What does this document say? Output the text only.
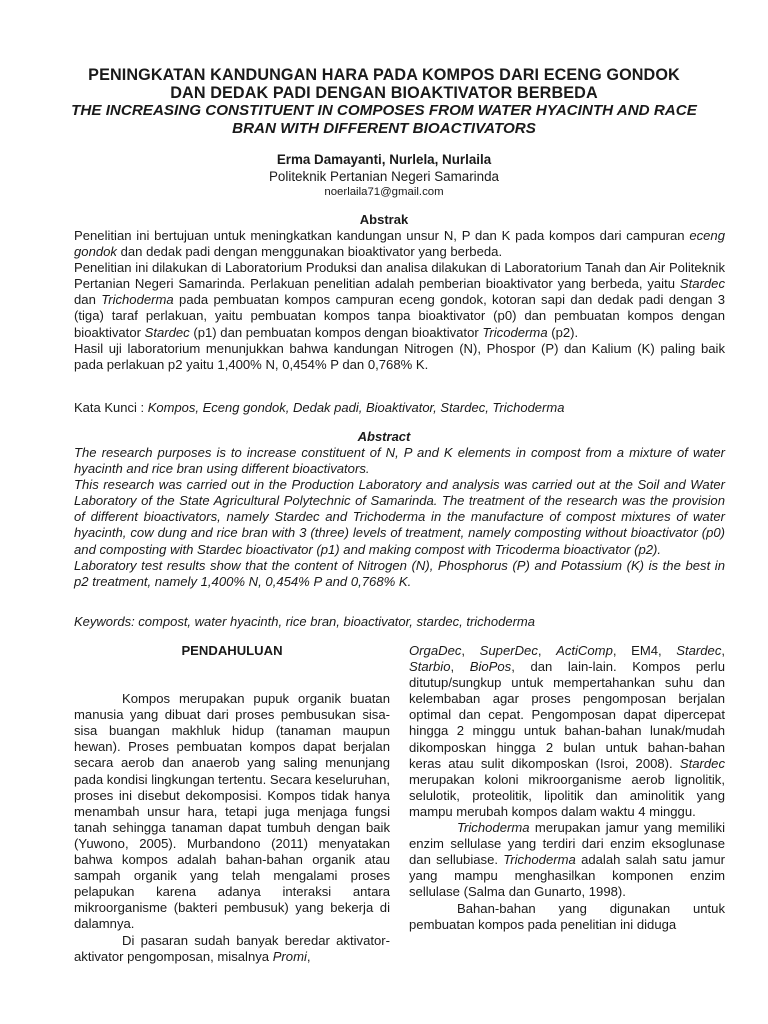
PENINGKATAN KANDUNGAN HARA PADA KOMPOS DARI ECENG GONDOK
DAN DEDAK PADI DENGAN BIOAKTIVATOR BERBEDA
THE INCREASING CONSTITUENT IN COMPOSES FROM WATER HYACINTH AND RACE
BRAN WITH DIFFERENT BIOACTIVATORS
Erma Damayanti, Nurlela, Nurlaila
Politeknik Pertanian Negeri Samarinda
noerlaila71@gmail.com
Abstrak

Penelitian ini bertujuan untuk meningkatkan kandungan unsur N, P dan K pada kompos dari campuran eceng gondok dan dedak padi dengan menggunakan bioaktivator yang berbeda.

Penelitian ini dilakukan di Laboratorium Produksi dan analisa dilakukan di Laboratorium Tanah dan Air Politeknik Pertanian Negeri Samarinda. Perlakuan penelitian adalah pemberian bioaktivator yang berbeda, yaitu Stardec dan Trichoderma pada pembuatan kompos campuran eceng gondok, kotoran sapi dan dedak padi dengan 3 (tiga) taraf perlakuan, yaitu pembuatan kompos tanpa bioaktivator (p0) dan pembuatan kompos dengan bioaktivator Stardec (p1) dan pembuatan kompos dengan bioaktivator Tricoderma (p2).

Hasil uji laboratorium menunjukkan bahwa kandungan Nitrogen (N), Phospor (P) dan Kalium (K) paling baik pada perlakuan p2 yaitu 1,400% N, 0,454% P dan 0,768% K.

Kata Kunci : Kompos, Eceng gondok, Dedak padi, Bioaktivator, Stardec, Trichoderma
Abstract

The research purposes is to increase constituent of N, P and K elements in compost from a mixture of water hyacinth and rice bran using different bioactivators.

This research was carried out in the Production Laboratory and analysis was carried out at the Soil and Water Laboratory of the State Agricultural Polytechnic of Samarinda. The treatment of the research was the provision of different bioactivators, namely Stardec and Trichoderma in the manufacture of compost mixtures of water hyacinth, cow dung and rice bran with 3 (three) levels of treatment, namely composting without bioactivator (p0) and composting with Stardec bioactivator (p1) and making compost with Tricoderma bioactivator (p2).

Laboratory test results show that the content of Nitrogen (N), Phosphorus (P) and Potassium (K) is the best in p2 treatment, namely 1,400% N, 0,454% P and 0,768% K.

Keywords: compost, water hyacinth, rice bran, bioactivator, stardec, trichoderma

PENDAHULUAN

Kompos merupakan pupuk organik buatan manusia yang dibuat dari proses pembusukan sisa-sisa buangan makhluk hidup (tanaman maupun hewan). Proses pembuatan kompos dapat berjalan secara aerob dan anaerob yang saling menunjang pada kondisi lingkungan tertentu. Secara keseluruhan, proses ini disebut dekomposisi. Kompos tidak hanya menambah unsur hara, tetapi juga menjaga fungsi tanah sehingga tanaman dapat tumbuh dengan baik (Yuwono, 2005). Murbandono (2011) menyatakan bahwa kompos adalah bahan-bahan organik atau sampah organik yang telah mengalami proses pelapukan karena adanya interaksi antara mikroorganisme (bakteri pembusuk) yang bekerja di dalamnya.

Di pasaran sudah banyak beredar aktivator-aktivator pengomposan, misalnya Promi,

OrgaDec, SuperDec, ActiComp, EM4, Stardec, Starbio, BioPos, dan lain-lain. Kompos perlu ditutup/sungkup untuk mempertahankan suhu dan kelembaban agar proses pengomposan berjalan optimal dan cepat. Pengomposan dapat dipercepat hingga 2 minggu untuk bahan-bahan lunak/mudah dikomposkan hingga 2 bulan untuk bahan-bahan keras atau sulit dikomposkan (Isroi, 2008). Stardec merupakan koloni mikroorganisme aerob lignolitik, selulotik, proteolitik, lipolitik dan aminolitik yang mampu merubah kompos dalam waktu 4 minggu.

Trichoderma merupakan jamur yang memiliki enzim sellulase yang terdiri dari enzim eksoglunase dan sellubiase. Trichoderma adalah salah satu jamur yang mampu menghasilkan komponen enzim sellulase (Salma dan Gunarto, 1998).

Bahan-bahan yang digunakan untuk pembuatan kompos pada penelitian ini diduga
